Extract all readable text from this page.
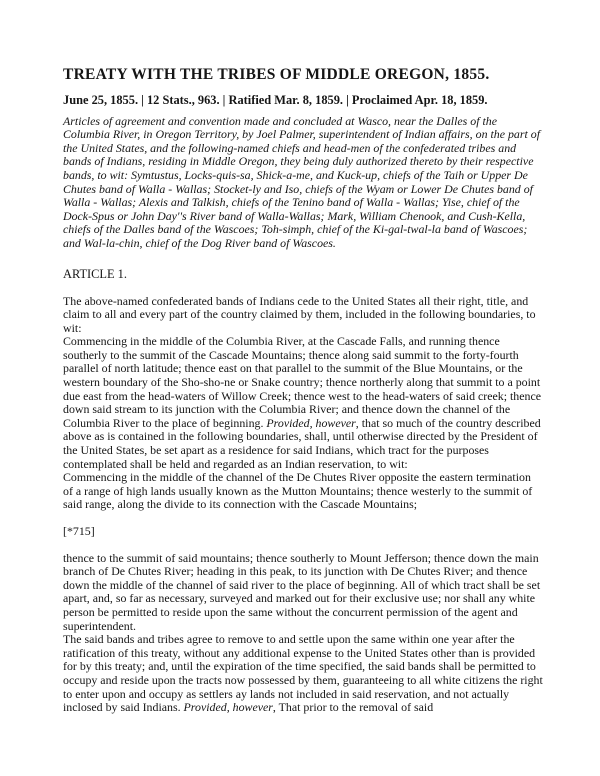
TREATY WITH THE TRIBES OF MIDDLE OREGON, 1855.

June 25, 1855. | 12 Stats., 963. | Ratified Mar. 8, 1859. | Proclaimed Apr. 18, 1859.

Articles of agreement and convention made and concluded at Wasco, near the Dalles of the Columbia River, in Oregon Territory, by Joel Palmer, superintendent of Indian affairs, on the part of the United States, and the following-named chiefs and head-men of the confederated tribes and bands of Indians, residing in Middle Oregon, they being duly authorized thereto by their respective bands, to wit: Symtustus, Locks-quis-sa, Shick-a-me, and Kuck-up, chiefs of the Taih or Upper De Chutes band of Walla - Wallas; Stocket-ly and Iso, chiefs of the Wyam or Lower De Chutes band of Walla - Wallas; Alexis and Talkish, chiefs of the Tenino band of Walla - Wallas; Yise, chief of the Dock-Spus or John Day''s River band of Walla-Wallas; Mark, William Chenook, and Cush-Kella, chiefs of the Dalles band of the Wascoes; Toh-simph, chief of the Ki-gal-twal-la band of Wascoes; and Wal-la-chin, chief of the Dog River band of Wascoes.

ARTICLE 1.

The above-named confederated bands of Indians cede to the United States all their right, title, and claim to all and every part of the country claimed by them, included in the following boundaries, to wit:

Commencing in the middle of the Columbia River, at the Cascade Falls, and running thence southerly to the summit of the Cascade Mountains; thence along said summit to the forty-fourth parallel of north latitude; thence east on that parallel to the summit of the Blue Mountains, or the western boundary of the Sho-sho-ne or Snake country; thence northerly along that summit to a point due east from the head-waters of Willow Creek; thence west to the head-waters of said creek; thence down said stream to its junction with the Columbia River; and thence down the channel of the Columbia River to the place of beginning. Provided, however, that so much of the country described above as is contained in the following boundaries, shall, until otherwise directed by the President of the United States, be set apart as a residence for said Indians, which tract for the purposes contemplated shall be held and regarded as an Indian reservation, to wit:

Commencing in the middle of the channel of the De Chutes River opposite the eastern termination of a range of high lands usually known as the Mutton Mountains; thence westerly to the summit of said range, along the divide to its connection with the Cascade Mountains;

[*715]

thence to the summit of said mountains; thence southerly to Mount Jefferson; thence down the main branch of De Chutes River; heading in this peak, to its junction with De Chutes River; and thence down the middle of the channel of said river to the place of beginning. All of which tract shall be set apart, and, so far as necessary, surveyed and marked out for their exclusive use; nor shall any white person be permitted to reside upon the same without the concurrent permission of the agent and superintendent.

The said bands and tribes agree to remove to and settle upon the same within one year after the ratification of this treaty, without any additional expense to the United States other than is provided for by this treaty; and, until the expiration of the time specified, the said bands shall be permitted to occupy and reside upon the tracts now possessed by them, guaranteeing to all white citizens the right to enter upon and occupy as settlers ay lands not included in said reservation, and not actually inclosed by said Indians. Provided, however, That prior to the removal of said
